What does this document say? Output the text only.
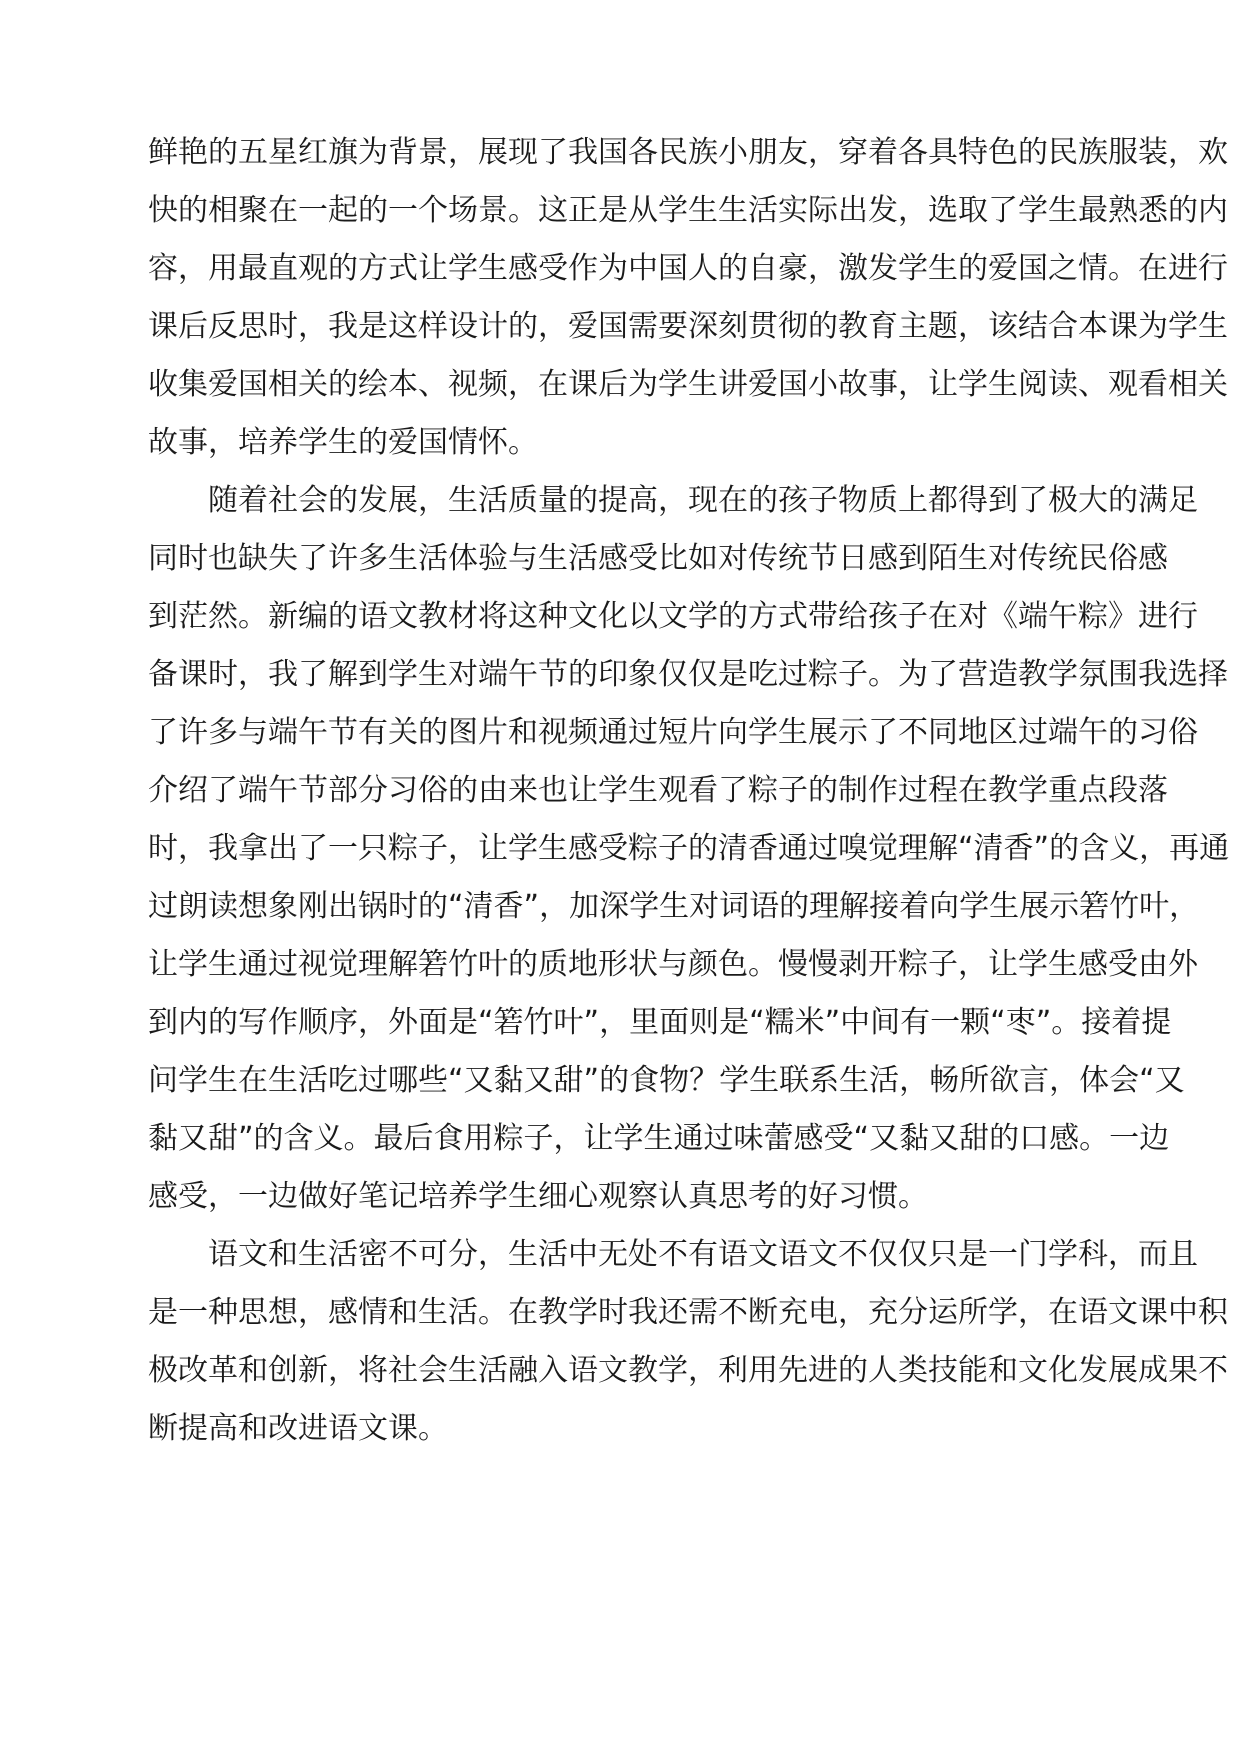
鲜艳的五星红旗为背景，展现了我国各民族小朋友，穿着各具特色的民族服装，欢
快的相聚在一起的一个场景。这正是从学生生活实际出发，选取了学生最熟悉的内
容，用最直观的方式让学生感受作为中国人的自豪，激发学生的爱国之情。在进行
课后反思时，我是这样设计的，爱国需要深刻贯彻的教育主题，该结合本课为学生
收集爱国相关的绘本、视频，在课后为学生讲爱国小故事，让学生阅读、观看相关
故事，培养学生的爱国情怀。
随着社会的发展，生活质量的提高，现在的孩子物质上都得到了极大的满足
同时也缺失了许多生活体验与生活感受比如对传统节日感到陌生对传统民俗感
到茫然。新编的语文教材将这种文化以文学的方式带给孩子在对《端午粽》进行
备课时，我了解到学生对端午节的印象仅仅是吃过粽子。为了营造教学氛围我选择
了许多与端午节有关的图片和视频通过短片向学生展示了不同地区过端午的习俗
介绍了端午节部分习俗的由来也让学生观看了粽子的制作过程在教学重点段落
时，我拿出了一只粽子，让学生感受粽子的清香通过嗅觉理解“清香”的含义，再通
过朗读想象刚出锅时的“清香”，加深学生对词语的理解接着向学生展示箬竹叶，
让学生通过视觉理解箬竹叶的质地形状与颜色。慢慢剥开粽子，让学生感受由外
到内的写作顺序，外面是“箬竹叶”，里面则是“糯米”中间有一颗“枣”。接着提
问学生在生活吃过哪些“又黏又甜”的食物？学生联系生活，畅所欲言，体会“又
黏又甜”的含义。最后食用粽子，让学生通过味蕾感受“又黏又甜的口感。一边
感受，一边做好笔记培养学生细心观察认真思考的好习惯。
语文和生活密不可分，生活中无处不有语文语文不仅仅只是一门学科，而且
是一种思想，感情和生活。在教学时我还需不断充电，充分运所学，在语文课中积
极改革和创新，将社会生活融入语文教学，利用先进的人类技能和文化发展成果不
断提高和改进语文课。
